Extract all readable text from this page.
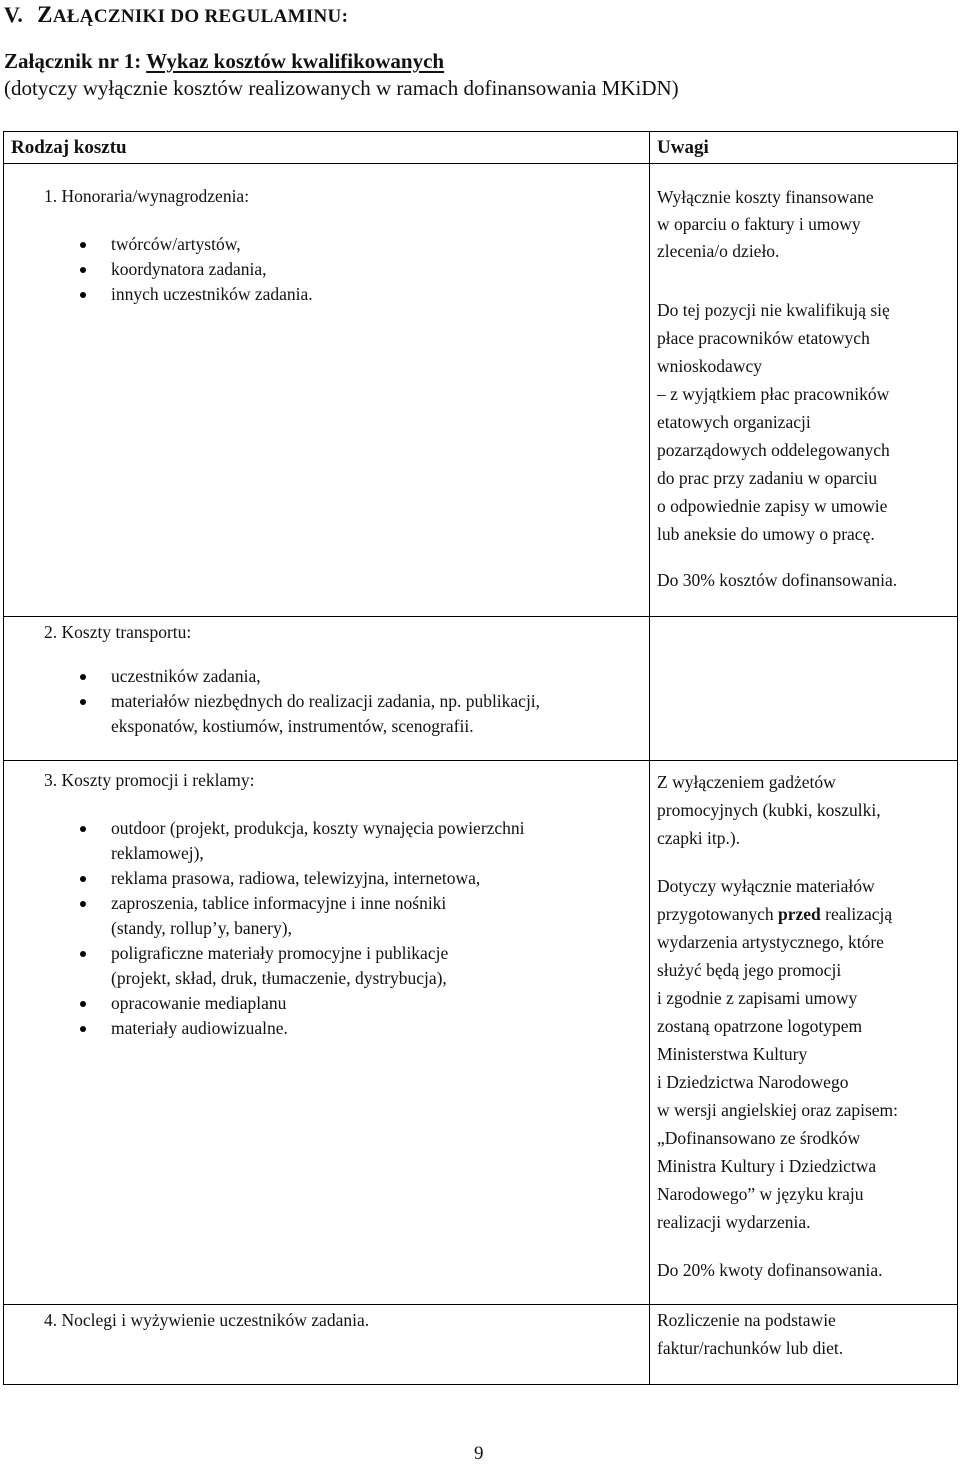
V. ZAŁĄCZNIKI DO REGULAMINU:
Załącznik nr 1: Wykaz kosztów kwalifikowanych
(dotyczy wyłącznie kosztów realizowanych w ramach dofinansowania MKiDN)
Rodzaj kosztu	Uwagi
1. Honoraria/wynagrodzenia:
twórców/artystów,
koordynatora zadania,
innych uczestników zadania.
Wyłącznie koszty finansowane
w oparciu o faktury i umowy
zlecenia/o dzieło.
Do tej pozycji nie kwalifikują się
płace pracowników etatowych
wnioskodawcy
– z wyjątkiem płac pracowników
etatowych organizacji
pozarządowych oddelegowanych
do prac przy zadaniu w oparciu
o odpowiednie zapisy w umowie
lub aneksie do umowy o pracę.
Do 30% kosztów dofinansowania.
2. Koszty transportu:
uczestników zadania,
materiałów niezbędnych do realizacji zadania, np. publikacji,
eksponatów, kostiumów, instrumentów, scenografii.
3. Koszty promocji i reklamy:
outdoor (projekt, produkcja, koszty wynajęcia powierzchni
reklamowej),
reklama prasowa, radiowa, telewizyjna, internetowa,
zaproszenia, tablice informacyjne i inne nośniki
(standy, rollup’y, banery),
poligraficzne materiały promocyjne i publikacje
(projekt, skład, druk, tłumaczenie, dystrybucja),
opracowanie mediaplanu
materiały audiowizualne.
Z wyłączeniem gadżetów
promocyjnych (kubki, koszulki,
czapki itp.).
Dotyczy wyłącznie materiałów
przygotowanych przed realizacją
wydarzenia artystycznego, które
służyć będą jego promocji
i zgodnie z zapisami umowy
zostaną opatrzone logotypem
Ministerstwa Kultury
i Dziedzictwa Narodowego
w wersji angielskiej oraz zapisem:
„Dofinansowano ze środków
Ministra Kultury i Dziedzictwa
Narodowego” w języku kraju
realizacji wydarzenia.
Do 20% kwoty dofinansowania.
4. Noclegi i wyżywienie uczestników zadania.	Rozliczenie na podstawie
faktur/rachunków lub diet.
9
